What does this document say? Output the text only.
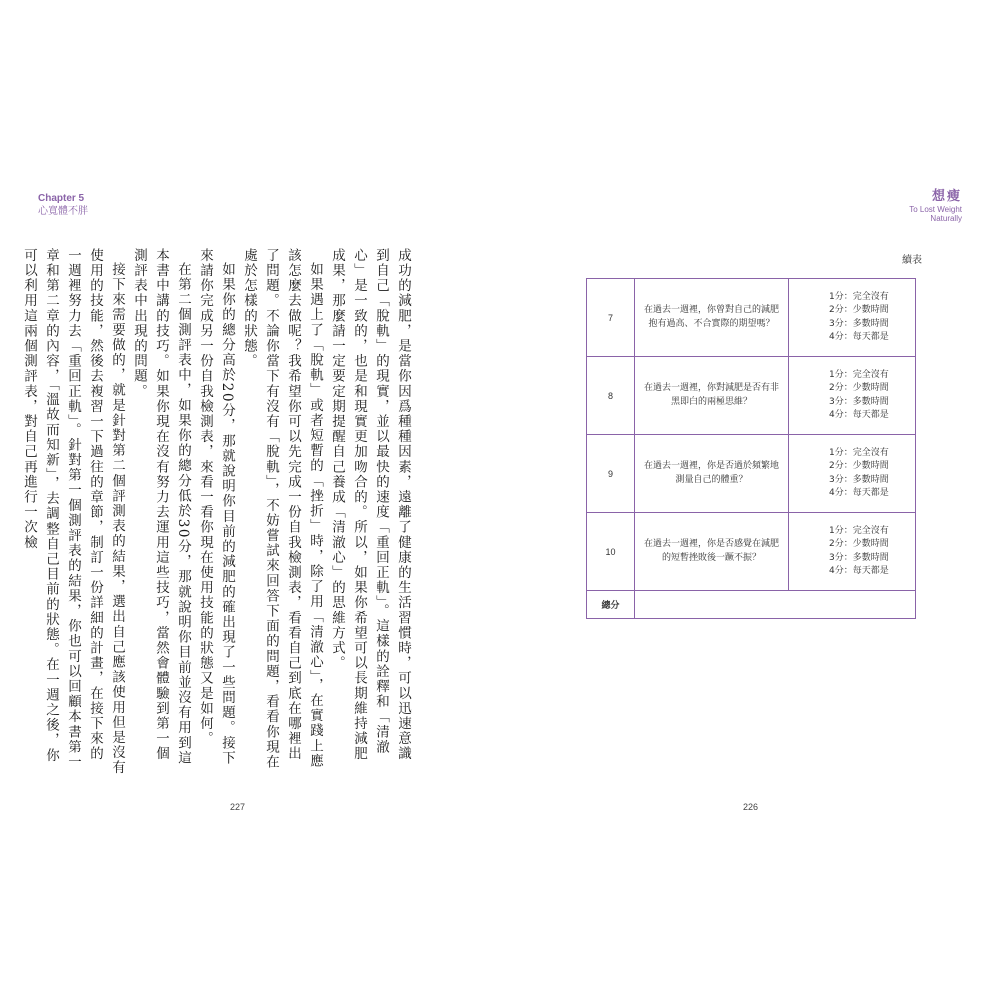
Chapter 5
心寬體不胖

成功的減肥，是當你因爲種種因素，遠離了健康的生活習慣時，可以迅速意識到自己「脫軌」的現實，並以最快的速度「重回正軌」。這樣的詮釋和「清澈心」是一致的，也是和現實更加吻合的。所以，如果你希望可以長期維持減肥成果，那麼請一定要定期提醒自己養成「清澈心」的思維方式。

如果遇上了「脫軌」或者短暫的「挫折」時，除了用「清澈心」，在實踐上應該怎麼去做呢？我希望你可以先完成一份自我檢測表，看看自己到底在哪裡出了問題。不論你當下有沒有「脫軌」，不妨嘗試來回答下面的問題，看看你現在處於怎樣的狀態。

如果你的總分高於20分，那就說明你目前的減肥的確出現了一些問題。接下來請你完成另一份自我檢測表，來看一看你現在使用技能的狀態又是如何。

在第二個測評表中，如果你的總分低於30分，那就說明你目前並沒有用到這本書中講的技巧。如果你現在沒有努力去運用這些技巧，當然會體驗到第一個測評表中出現的問題。

接下來需要做的，就是針對第二個評測表的結果，選出自己應該使用但是沒有使用的技能，然後去複習一下過往的章節，制訂一份詳細的計畫，在接下來的一週裡努力去「重回正軌」。針對第一個測評表的結果，你也可以回顧本書第一章和第二章的內容，「溫故而知新」，去調整自己目前的狀態。在一週之後，你可以利用這兩個測評表，對自己再進行一次檢

227
想瘦
To Lost Weight
Naturally
續表
7	在過去一週裡，你曾對自己的減肥抱有過高、不合實際的期望嗎？	1分：完全沒有
2分：少數時間
3分：多數時間
4分：每天都是

8	在過去一週裡，你對減肥是否有非黑即白的兩極思維？	1分：完全沒有
2分：少數時間
3分：多數時間
4分：每天都是

9	在過去一週裡，你是否過於頻繁地測量自己的體重？	1分：完全沒有
2分：少數時間
3分：多數時間
4分：每天都是

10	在過去一週裡，你是否感覺在減肥的短暫挫敗後一蹶不振？	1分：完全沒有
2分：少數時間
3分：多數時間
4分：每天都是

總分		
226
